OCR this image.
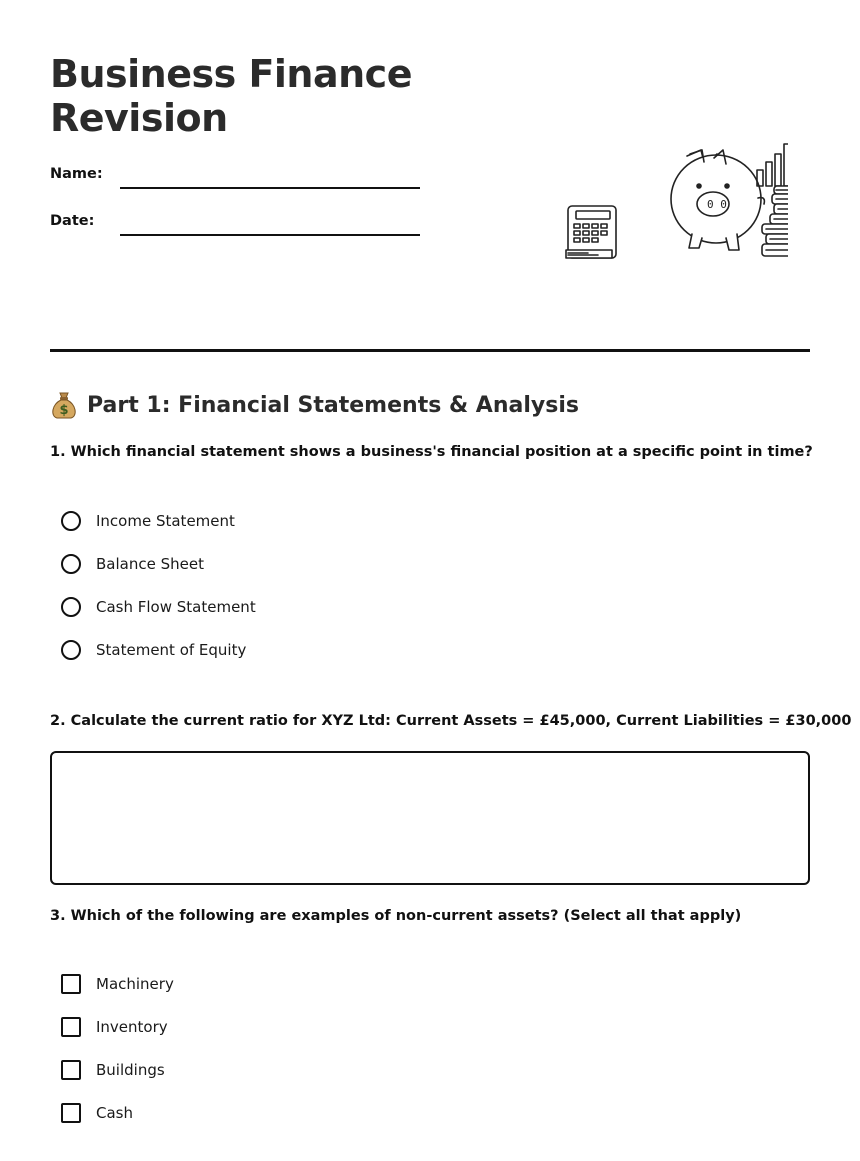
Business Finance Revision
Name:
Date:
0 0
$ Part 1: Financial Statements & Analysis
1. Which financial statement shows a business's financial position at a specific point in time?
Income Statement
Balance Sheet
Cash Flow Statement
Statement of Equity
2. Calculate the current ratio for XYZ Ltd: Current Assets = £45,000, Current Liabilities = £30,000
3. Which of the following are examples of non-current assets? (Select all that apply)
Machinery
Inventory
Buildings
Cash
